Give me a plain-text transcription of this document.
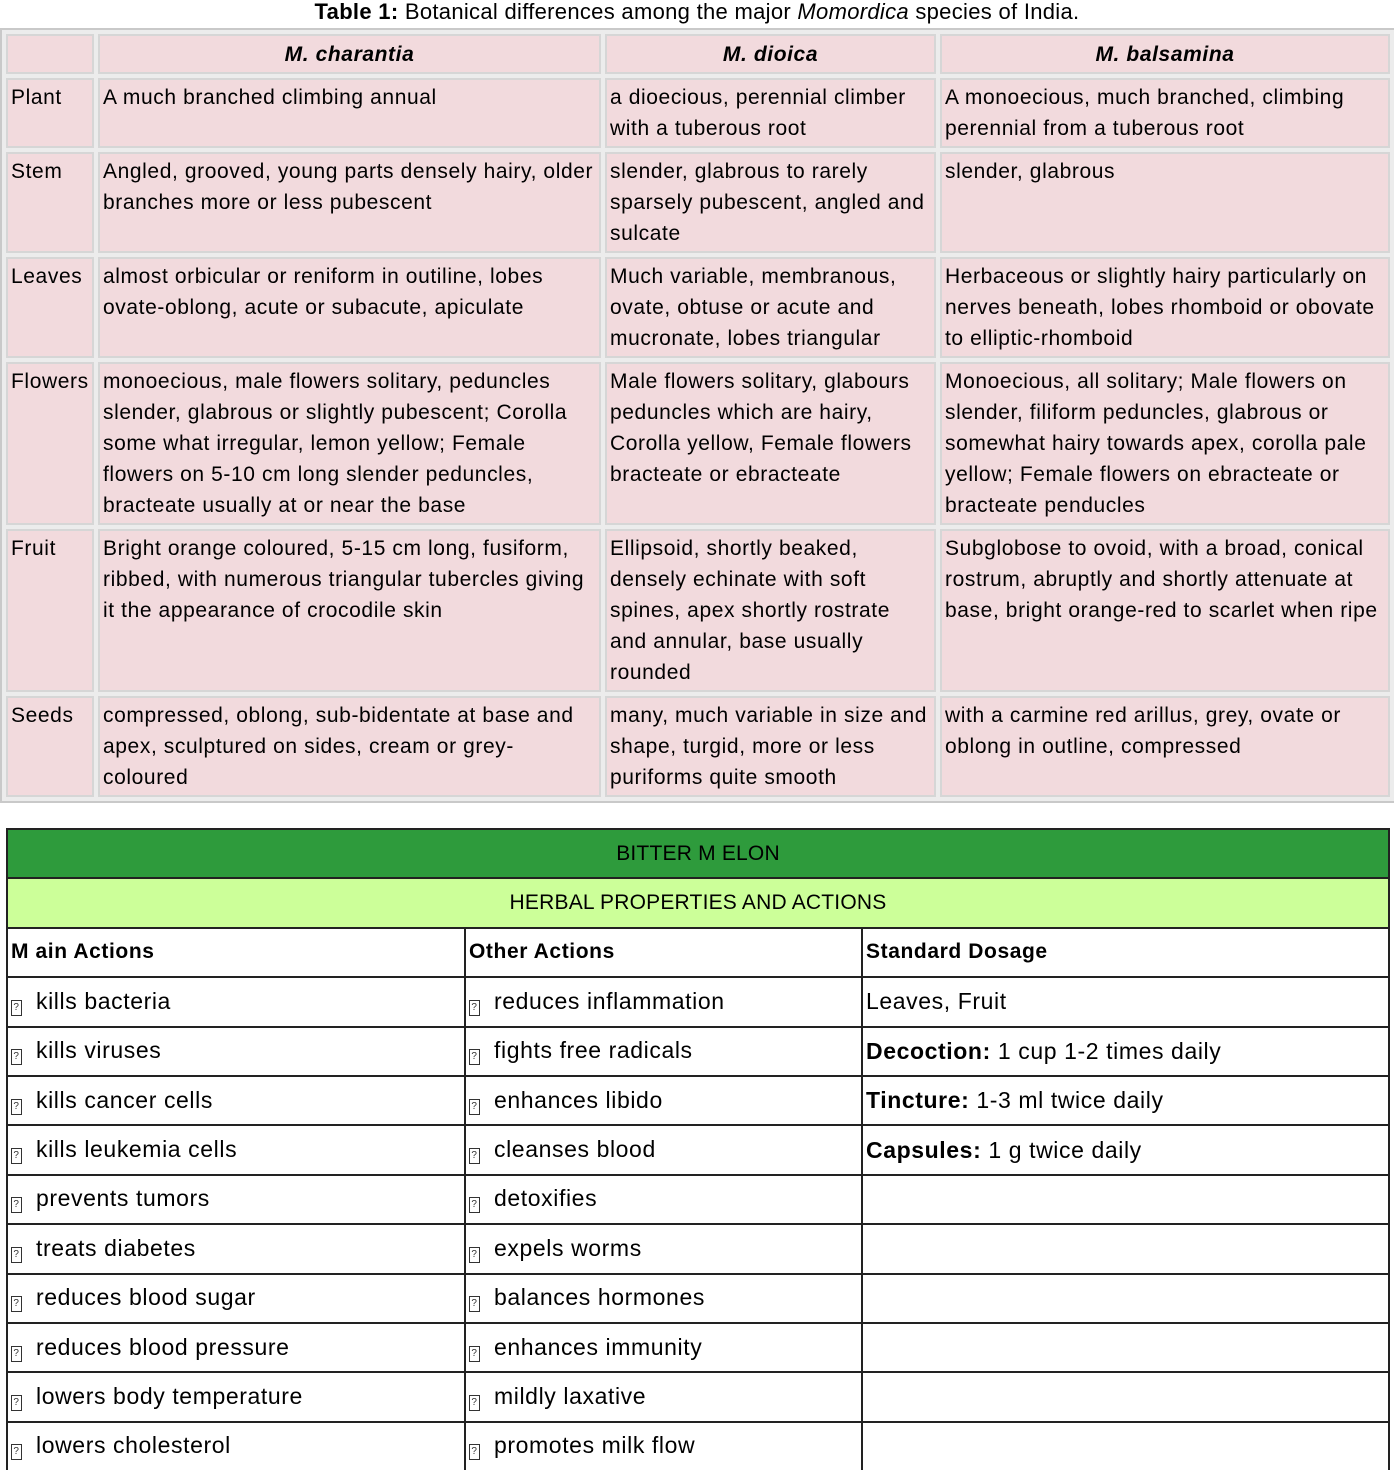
Table 1: Botanical differences among the major Momordica species of India.
	M. charantia	M. dioica	M. balsamina
Plant	A much branched climbing annual	a dioecious, perennial climber with a tuberous root	A monoecious, much branched, climbing perennial from a tuberous root
Stem	Angled, grooved, young parts densely hairy, older branches more or less pubescent	slender, glabrous to rarely sparsely pubescent, angled and sulcate	slender, glabrous
Leaves	almost orbicular or reniform in outiline, lobes ovate-oblong, acute or subacute, apiculate	Much variable, membranous, ovate, obtuse or acute and mucronate, lobes triangular	Herbaceous or slightly hairy particularly on nerves beneath, lobes rhomboid or obovate to elliptic-rhomboid
Flowers	monoecious, male flowers solitary, peduncles slender, glabrous or slightly pubescent; Corolla some what irregular, lemon yellow; Female flowers on 5-10 cm long slender peduncles, bracteate usually at or near the base	Male flowers solitary, glabours peduncles which are hairy, Corolla yellow, Female flowers bracteate or ebracteate	Monoecious, all solitary; Male flowers on slender, filiform peduncles, glabrous or somewhat hairy towards apex, corolla pale yellow; Female flowers on ebracteate or bracteate penducles
Fruit	Bright orange coloured, 5-15 cm long, fusiform, ribbed, with numerous triangular tubercles giving it the appearance of crocodile skin	Ellipsoid, shortly beaked, densely echinate with soft spines, apex shortly rostrate and annular, base usually rounded	Subglobose to ovoid, with a broad, conical rostrum, abruptly and shortly attenuate at base, bright orange-red to scarlet when ripe
Seeds	compressed, oblong, sub-bidentate at base and apex, sculptured on sides, cream or grey-coloured	many, much variable in size and shape, turgid, more or less puriforms quite smooth	with a carmine red arillus, grey, ovate or oblong in outline, compressed
BITTER M ELON		
HERBAL PROPERTIES AND ACTIONS		
M ain Actions	Other Actions	Standard Dosage
? kills bacteria	? reduces inflammation	Leaves, Fruit
? kills viruses	? fights free radicals	Decoction: 1 cup 1-2 times daily
? kills cancer cells	? enhances libido	Tincture: 1-3 ml twice daily
? kills leukemia cells	? cleanses blood	Capsules: 1 g twice daily
? prevents tumors	? detoxifies	
? treats diabetes	? expels worms	
? reduces blood sugar	? balances hormones	
? reduces blood pressure	? enhances immunity	
? lowers body temperature	? mildly laxative	
? lowers cholesterol	? promotes milk flow	
